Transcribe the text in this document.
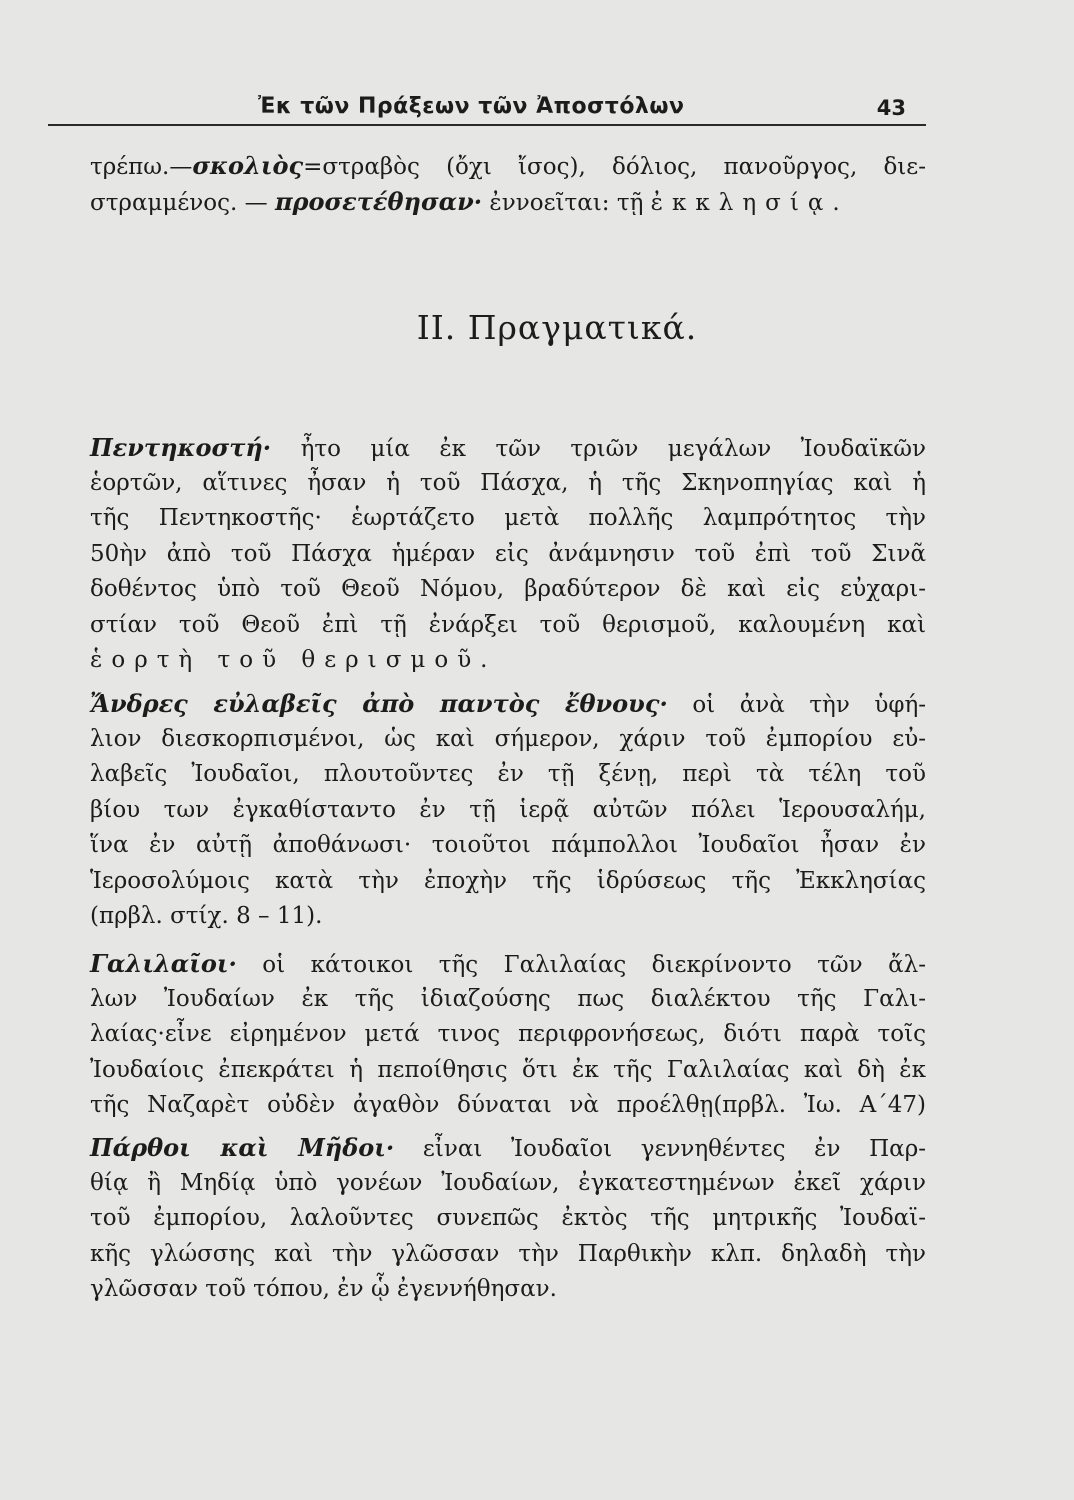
Ἐκ τῶν Πράξεων τῶν Ἀποστόλων	43
τρέπω.—σκολιὸς=στραβὸς (ὄχι ἴσος), δόλιος, πανοῦργος, διε-
στραμμένος. — προσετέθησαν· ἐννοεῖται: τῇ ἐκκλησίᾳ.
II. Πραγματικά.
Πεντηκοστή· ἦτο μία ἐκ τῶν τριῶν μεγάλων Ἰουδαϊκῶν
ἑορτῶν, αἵτινες ἦσαν ἡ τοῦ Πάσχα, ἡ τῆς Σκηνοπηγίας καὶ ἡ
τῆς Πεντηκοστῆς· ἑωρτάζετο μετὰ πολλῆς λαμπρότητος τὴν
50ὴν ἀπὸ τοῦ Πάσχα ἡμέραν εἰς ἀνάμνησιν τοῦ ἐπὶ τοῦ Σινᾶ
δοθέντος ὑπὸ τοῦ Θεοῦ Νόμου, βραδύτερον δὲ καὶ εἰς εὐχαρι-
στίαν τοῦ Θεοῦ ἐπὶ τῇ ἐνάρξει τοῦ θερισμοῦ, καλουμένη καὶ
ἑορτὴ τοῦ θερισμοῦ.
Ἄνδρες εὐλαβεῖς ἀπὸ παντὸς ἔθνους· οἱ ἀνὰ τὴν ὑφή-
λιον διεσκορπισμένοι, ὡς καὶ σήμερον, χάριν τοῦ ἐμπορίου εὐ-
λαβεῖς Ἰουδαῖοι, πλουτοῦντες ἐν τῇ ξένῃ, περὶ τὰ τέλη τοῦ
βίου των ἐγκαθίσταντο ἐν τῇ ἱερᾷ αὐτῶν πόλει Ἱερουσαλήμ,
ἵνα ἐν αὐτῇ ἀποθάνωσι· τοιοῦτοι πάμπολλοι Ἰουδαῖοι ἦσαν ἐν
Ἱεροσολύμοις κατὰ τὴν ἐποχὴν τῆς ἱδρύσεως τῆς Ἐκκλησίας
(πρβλ. στίχ. 8 – 11).
Γαλιλαῖοι· οἱ κάτοικοι τῆς Γαλιλαίας διεκρίνοντο τῶν ἄλ-
λων Ἰουδαίων ἐκ τῆς ἰδιαζούσης πως διαλέκτου τῆς Γαλι-
λαίας·εἶνε εἰρημένον μετά τινος περιφρονήσεως, διότι παρὰ τοῖς
Ἰουδαίοις ἐπεκράτει ἡ πεποίθησις ὅτι ἐκ τῆς Γαλιλαίας καὶ δὴ ἐκ
τῆς Ναζαρὲτ οὐδὲν ἀγαθὸν δύναται νὰ προέλθῃ(πρβλ. Ἰω. Α΄47)
Πάρθοι καὶ Μῆδοι· εἶναι Ἰουδαῖοι γεννηθέντες ἐν Παρ-
θίᾳ ἢ Μηδίᾳ ὑπὸ γονέων Ἰουδαίων, ἐγκατεστημένων ἐκεῖ χάριν
τοῦ ἐμπορίου, λαλοῦντες συνεπῶς ἐκτὸς τῆς μητρικῆς Ἰουδαϊ-
κῆς γλώσσης καὶ τὴν γλῶσσαν τὴν Παρθικὴν κλπ. δηλαδὴ τὴν
γλῶσσαν τοῦ τόπου, ἐν ᾧ ἐγεννήθησαν.
